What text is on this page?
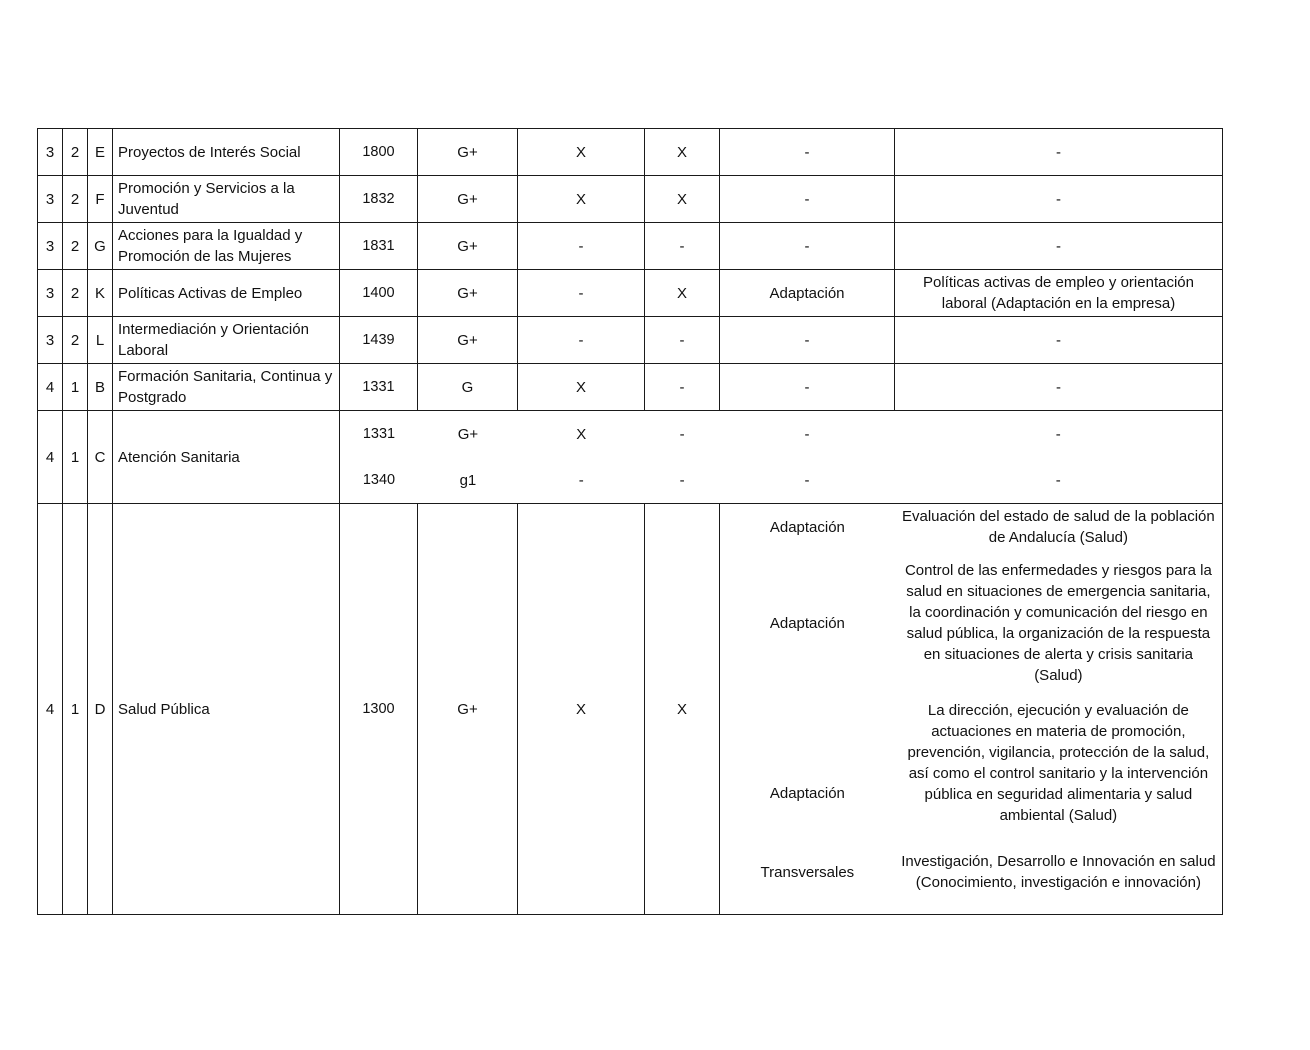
3	2	E	Proyectos de Interés Social	1800	G+	X	X	-	-
3	2	F	Promoción y Servicios a la Juventud	1832	G+	X	X	-	-
3	2	G	Acciones para la Igualdad y Promoción de las Mujeres	1831	G+	-	-	-	-
3	2	K	Políticas Activas de Empleo	1400	G+	-	X	Adaptación	Políticas activas de empleo y orientación laboral (Adaptación en la empresa)
3	2	L	Intermediación y Orientación Laboral	1439	G+	-	-	-	-
4	1	B	Formación Sanitaria, Continua y Postgrado	1331	G	X	-	-	-
4	1	C	Atención Sanitaria	
1331	G+	X	-	-	-
1340	g1	-	-	-	-

4	1	D	Salud Pública	1300	G+	X	X	
Adaptación	Evaluación del estado de salud de la población de Andalucía (Salud)
Adaptación	Control de las enfermedades y riesgos para la salud en situaciones de emergencia sanitaria, la coordinación y comunicación del riesgo en salud pública, la organización de la respuesta en situaciones de alerta y crisis sanitaria (Salud)
Adaptación	La dirección, ejecución y evaluación de actuaciones en materia de promoción, prevención, vigilancia, protección de la salud, así como el control sanitario y la intervención pública en seguridad alimentaria y salud ambiental (Salud)
Transversales	Investigación, Desarrollo e Innovación en salud (Conocimiento, investigación e innovación)
